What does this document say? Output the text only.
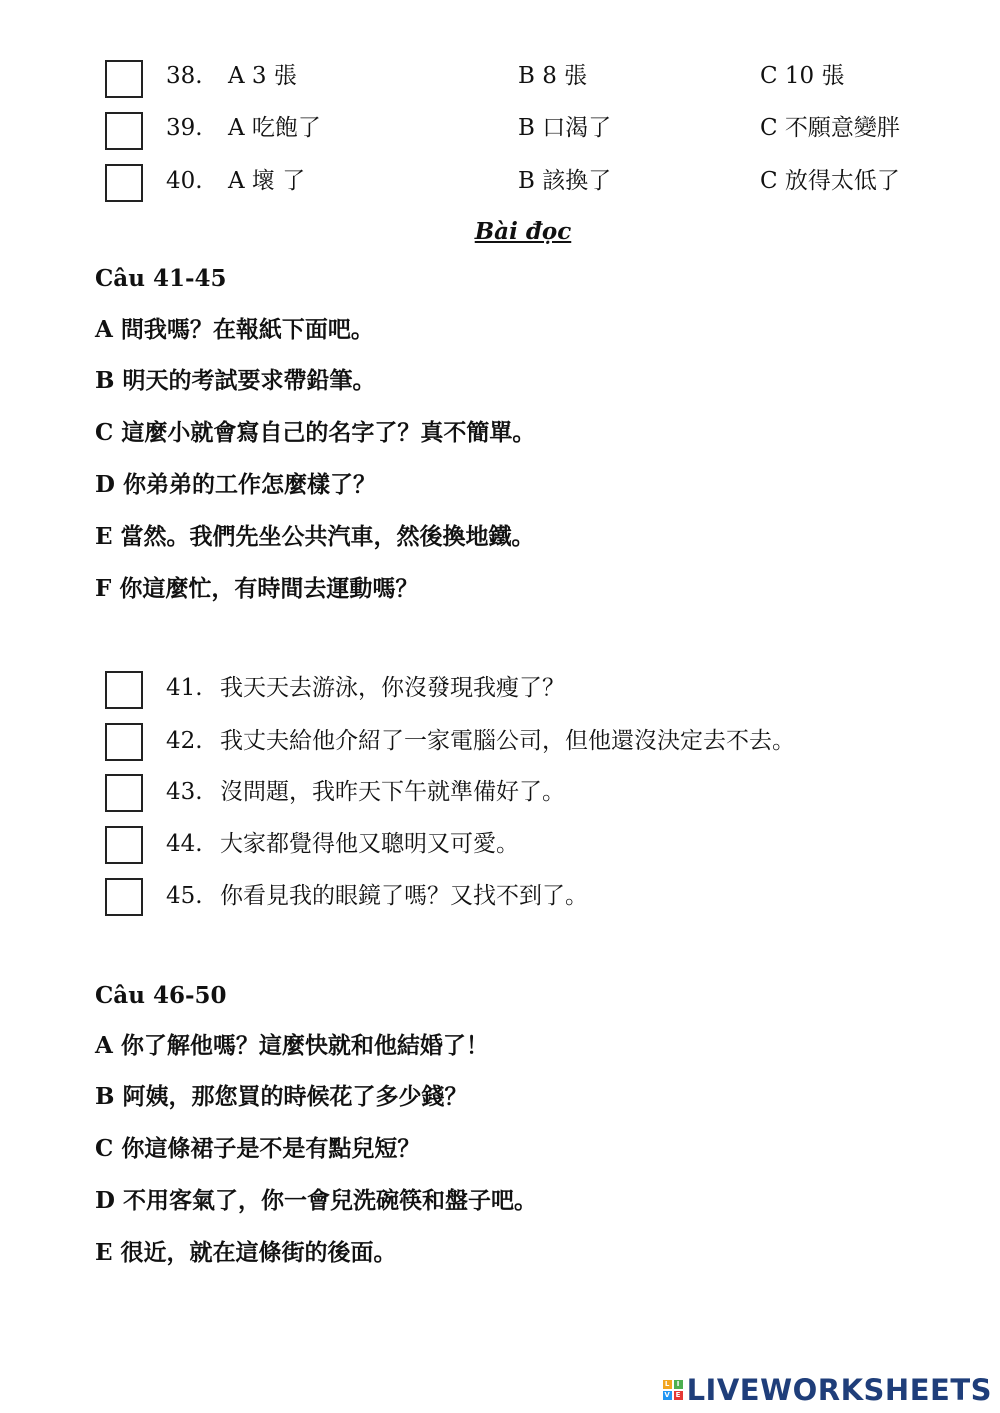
38. A 3 張	B 8 張	C 10 張
39. A 吃飽了	B 口渴了	C 不願意變胖
40. A 壞 了	B 該換了	C 放得太低了
Bài đọc
Câu 41-45
A 問我嗎？在報紙下面吧。
B 明天的考試要求帶鉛筆。
C 這麼小就會寫自己的名字了？真不簡單。
D 你弟弟的工作怎麼樣了？
E 當然。我們先坐公共汽車，然後換地鐵。
F 你這麼忙，有時間去運動嗎？
41. 我天天去游泳，你沒發現我瘦了？
42. 我丈夫給他介紹了一家電腦公司，但他還沒決定去不去。
43. 沒問題，我昨天下午就準備好了。
44. 大家都覺得他又聰明又可愛。
45. 你看見我的眼鏡了嗎？又找不到了。
Câu 46-50
A 你了解他嗎？這麼快就和他結婚了！
B 阿姨，那您買的時候花了多少錢？
C 你這條裙子是不是有點兒短？
D 不用客氣了，你一會兒洗碗筷和盤子吧。
E 很近，就在這條街的後面。
L	I
V E LIVEWORKSHEETS
